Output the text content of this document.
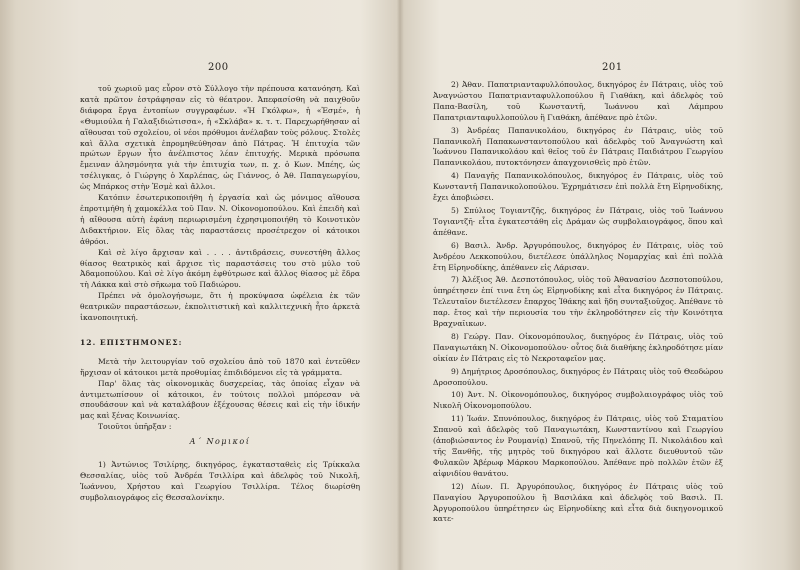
200

τοῦ χωριοῦ μας εὗρον στὸ Σύλλογο τὴν πρέπουσα κατανόηση. Καὶ κατὰ πρῶτον ἐστράφησαν εἰς τὸ θέατρον. Ἀπεφασίσθη νὰ παιχθοῦν διάφορα ἔργα ἐντοπίων συγγραφέων. «Ἡ Γκόλφω», ἡ «Ἐσμέ», ἡ «Θυμιούλα ἡ Γαλαξιδιώτισσα», ἡ «Σκλάβα» κ. τ. τ. Παρεχωρήθησαν αἱ αἴθουσαι τοῦ σχολείου, οἱ νέοι πρόθυμοι ἀνέλαβαν τοὺς ρόλους. Στολὲς καὶ ἄλλα σχετικὰ ἐπρομηθεύθησαν ἀπὸ Πάτρας. Ἡ ἐπιτυχία τῶν πρώτων ἔργων ἦτο ἀνέλπιστος λέαν ἐπιτυχής. Μερικὰ πρόσωπα ἔμειναν ἀλησμόνητα γιὰ τὴν ἐπιτυχία των, π. χ. ὁ Κων. Μπέης, ὡς τσέλιγκας, ὁ Γιώργης ὁ Χαρλέπας, ὡς Γιάννος, ὁ Ἀθ. Παπαγεωργίου, ὡς Μπάρκος στὴν Ἐσμὲ καὶ ἄλλοι.

Κατόπιν ἐσωτερικοποιήθη ἡ ἐργασία καὶ ὡς μόνιμος αἴθουσα ἐπροτιμήθη ἡ χαμοκέλλα τοῦ Παν. Ν. Οἰκονομοπούλου. Καὶ ἐπειδὴ καὶ ἡ αἴθουσα αὐτὴ ἐφάνη περιωρισμένη ἐχρησιμοποιήθη τὸ Κοινοτικὸν Διδακτήριον. Εἰς ὅλας τὰς παραστάσεις προσέτρεχον οἱ κάτοικοι ἀθρόοι.

Καὶ σὲ λίγο ἄρχισαν καὶ . . . . ἀντιδράσεις, συνεστήθη ἄλλος θίασος θεατρικὸς καὶ ἄρχισε τὶς παραστάσεις του στὸ μύλο τοῦ Ἀδαμοπούλου. Καὶ σὲ λίγο ἀκόμη ἐφθύτρωσε καὶ ἄλλος θίασος μὲ ἕδρα τὴ Λάκκα καὶ στὸ σῆκωμα τοῦ Παδιώρου.

Πρέπει νὰ ὁμολογήσωμε, ὅτι ἡ προκύψασα ὠφέλεια ἐκ τῶν θεατρικῶν παραστάσεων, ἐκπολιτιστικὴ καὶ καλλιτεχνικὴ ἦτο ἀρκετὰ ἱκανοποιητική.

12. ΕΠΙΣΤΗΜΟΝΕΣ:

Μετὰ τὴν λειτουργίαν τοῦ σχολείου ἀπὸ τοῦ 1870 καὶ ἐντεῦθεν ἤρχισαν οἱ κάτοικοι μετὰ προθυμίας ἐπιδιδόμενοι εἰς τὰ γράμματα.

Παρ' ὅλας τὰς οἰκονομικὰς δυσχερείας, τὰς ὁποίας εἶχαν νὰ ἀντιμετωπίσουν οἱ κάτοικοι, ἐν τούτοις πολλοὶ μπόρεσαν νὰ σπουδάσουν καὶ νὰ καταλάβουν ἐξέχουσας θέσεις καὶ εἰς τὴν ἰδικήν μας καὶ ξένας Κοινωνίας.

Τοιοῦτοι ὑπῆρξαν :

Α΄ Νομικοί

1) Ἀντώνιος Τσιλίρης, δικηγόρος, ἐγκατασταθεὶς εἰς Τρίκκαλα Θεσσαλίας, υἱὸς τοῦ Ἀνδρέα Τσιλλίρα καὶ ἀδελφὸς τοῦ Νικολῆ, Ἰωάννου, Χρήστου καὶ Γεωργίου Τσιλλίρα. Τέλος διωρίσθη συμβολαιογράφος εἰς Θεσσαλονίκην.

201

2) Ἀθαν. Παπατριανταφυλλόπουλος, δικηγόρος ἐν Πάτραις, υἱὸς τοῦ Ἀναγνώστου Παπατριανταφυλλοπούλου ἢ Γιαθάκη, καὶ ἀδελφὸς τοῦ Παπα-Βασίλη, τοῦ Κωνσταντῆ, Ἰωάννου καὶ Λάμπρου Παπατριανταφυλλοπούλου ἢ Γιαθάκη, ἀπέθανε πρὸ ἐτῶν.

3) Ἀνδρέας Παπανικολάου, δικηγόρος ἐν Πάτραις, υἱὸς τοῦ Παπανικολῆ Παπακωνσταντοπούλου καὶ ἀδελφὸς τοῦ Ἀναγνώστη καὶ Ἰωάννου Παπανικολάου καὶ θεῖος τοῦ ἐν Πάτραις Παιδιάτρου Γεωργίου Παπανικολάου, πυτοκτόνησεν ἀπαγχονισθεὶς πρὸ ἐτῶν.

4) Παναγῆς Παπανικολόπουλος, δικηγόρος ἐν Πάτραις, υἱὸς τοῦ Κωνσταντῆ Παπανικολοπούλου. Ἐχρημάτισεν ἐπὶ πολλὰ ἔτη Εἰρηνοδίκης, ἔχει ἀποβιώσει.

5) Σπύλιος Τογιαντζῆς, δικηγόρος ἐν Πάτραις, υἱὸς τοῦ Ἰωάννου Τογιαντζῆ· εἶτα ἐγκατεστάθη εἰς Δράμαν ὡς συμβολαιογράφος, ὅπου καὶ ἀπέθανε.

6) Βασιλ. Ἀνδρ. Ἀργυρόπουλος, δικηγόρος ἐν Πάτραις, υἱὸς τοῦ Ἀνδρέου Λεκκοπούλου, διετέλεσε ὑπάλληλος Νομαρχίας καὶ ἐπὶ πολλὰ ἔτη Εἰρηνοδίκης, ἀπέθανεν εἰς Λάρισαν.

7) Ἀλέξιος Ἀθ. Δεσποτόπουλος, υἱὸς τοῦ Ἀθανασίου Δεσποτοπούλου, ὑπηρέτησεν ἐπί τινα ἔτη ὡς Εἰρηνοδίκης καὶ εἶτα δικηγόρος ἐν Πάτραις. Τελευταῖον διετέλεσεν ἔπαρχος Ἰθάκης καὶ ἤδη συνταξιοῦχος. Ἀπέθανε τὸ παρ. ἔτος καὶ τὴν περιουσία του τὴν ἐκληροδότησεν εἰς τὴν Κοινότητα Βραχναῖικων.

8) Γεώργ. Παν. Οἰκονομόπουλος, δικηγόρος ἐν Πάτραις, υἱὸς τοῦ Παναγιωτάκη Ν. Οἰκονομοπούλου· οὗτος διὰ διαθήκης ἐκληροδότησε μίαν οἰκίαν ἐν Πάτραις εἰς τὸ Νεκροταφεῖον μας.

9) Δημήτριος Δροσόπουλος, δικηγόρος ἐν Πάτραις υἱὸς τοῦ Θεοδώρου Δροσοπούλου.

10) Ἀντ. Ν. Οἰκονομόπουλος, δικηγόρος συμβολαιογράφος υἱὸς τοῦ Νικολῆ Οἰκονομοπούλου.

11) Ἰωάν. Σπυνόπουλος, δικηγόρος ἐν Πάτραις, υἱὸς τοῦ Σταματίου Σπανοῦ καὶ ἀδελφὸς τοῦ Παναγιωτάκη, Κωνσταντίνου καὶ Γεωργίου (ἀποβιώσαντος ἐν Ρουμανίᾳ) Σπανοῦ, τῆς Πηνελόπης Π. Νικολάιδου καὶ τῆς Ξανθῆς, τῆς μητρὸς τοῦ δικηγόρου καὶ ἄλλοτε διευθυντοῦ τῶν Φυλακῶν Ἀβέρωφ Μάρκου Μαρκοπούλου. Ἀπέθανε πρὸ πολλῶν ἐτῶν ἐξ αἰφνιδίου θανάτου.

12) Δίων. Π. Ἀργυρόπουλος, δικηγόρος ἐν Πάτραις υἱὸς τοῦ Παναγίου Ἀργυροπούλου ἢ Βασιλάκα καὶ ἀδελφὸς τοῦ Βασιλ. Π. Ἀργυροπούλου ὑπηρέτησεν ὡς Εἰρηνοδίκης καὶ εἶτα διὰ δικηγονομικοῦ κατε-
